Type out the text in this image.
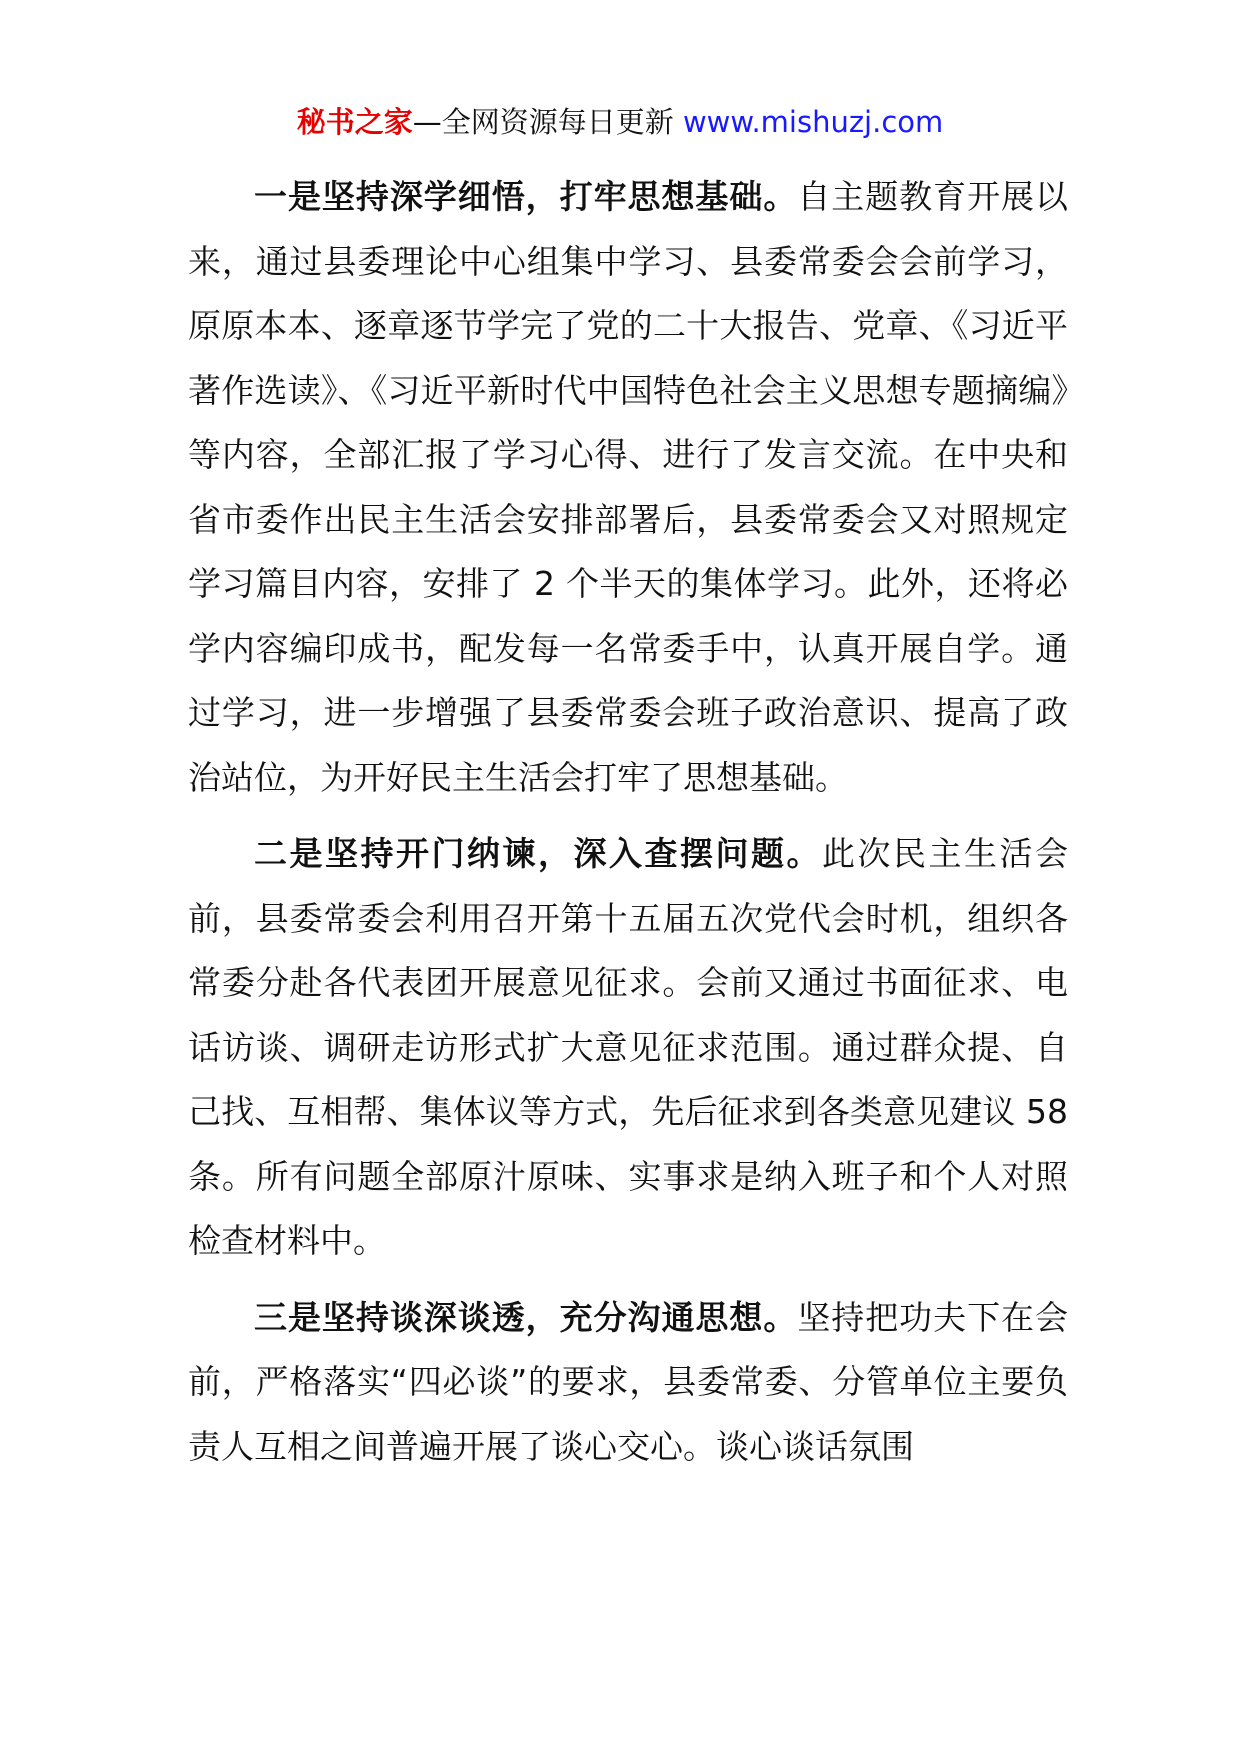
秘书之家—全网资源每日更新 www.mishuzj.com

一是坚持深学细悟，打牢思想基础。自主题教育开展以来，通过县委理论中心组集中学习、县委常委会会前学习，原原本本、逐章逐节学完了党的二十大报告、党章、《习近平著作选读》、《习近平新时代中国特色社会主义思想专题摘编》等内容，全部汇报了学习心得、进行了发言交流。在中央和省市委作出民主生活会安排部署后，县委常委会又对照规定学习篇目内容，安排了 2 个半天的集体学习。此外，还将必学内容编印成书，配发每一名常委手中，认真开展自学。通过学习，进一步增强了县委常委会班子政治意识、提高了政治站位，为开好民主生活会打牢了思想基础。

二是坚持开门纳谏，深入查摆问题。此次民主生活会前，县委常委会利用召开第十五届五次党代会时机，组织各常委分赴各代表团开展意见征求。会前又通过书面征求、电话访谈、调研走访形式扩大意见征求范围。通过群众提、自己找、互相帮、集体议等方式，先后征求到各类意见建议 58 条。所有问题全部原汁原味、实事求是纳入班子和个人对照检查材料中。

三是坚持谈深谈透，充分沟通思想。坚持把功夫下在会前，严格落实“四必谈”的要求，县委常委、分管单位主要负责人互相之间普遍开展了谈心交心。谈心谈话氛围
